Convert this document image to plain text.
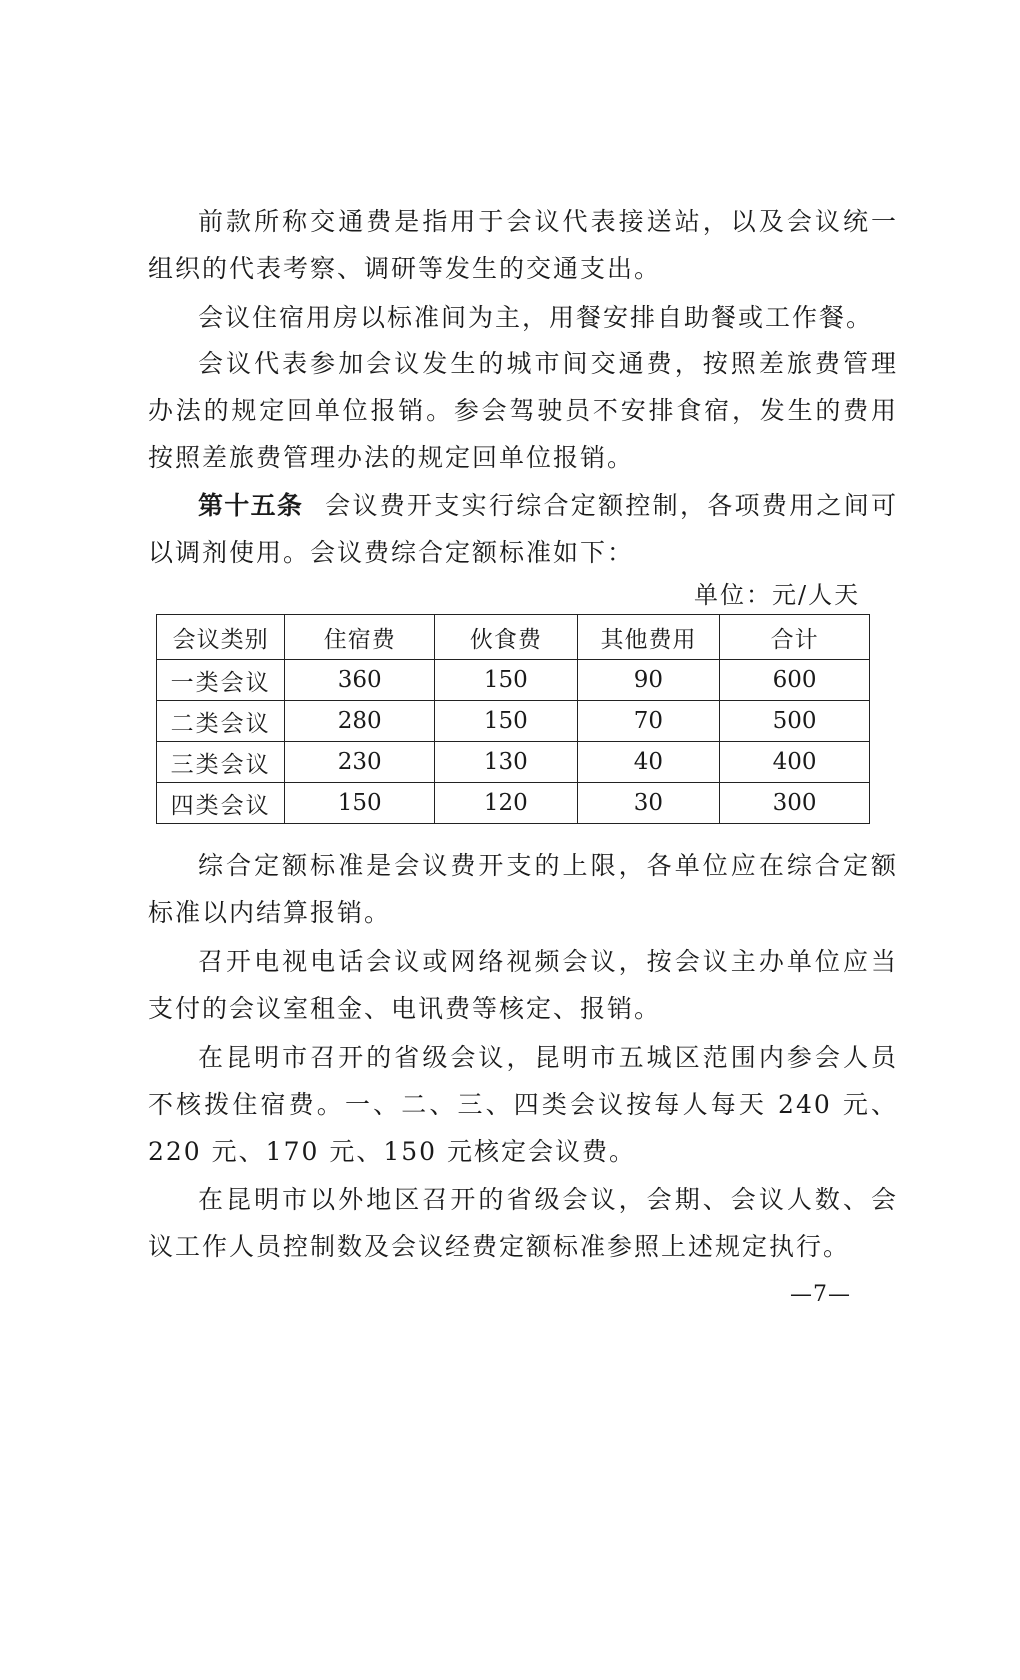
前款所称交通费是指用于会议代表接送站，以及会议统一组织的代表考察、调研等发生的交通支出。

会议住宿用房以标准间为主，用餐安排自助餐或工作餐。

会议代表参加会议发生的城市间交通费，按照差旅费管理办法的规定回单位报销。参会驾驶员不安排食宿，发生的费用按照差旅费管理办法的规定回单位报销。

第十五条 会议费开支实行综合定额控制，各项费用之间可以调剂使用。会议费综合定额标准如下：

单位：元/人天
会议类别	住宿费	伙食费	其他费用	合计
一类会议	360	150	90	600
二类会议	280	150	70	500
三类会议	230	130	40	400
四类会议	150	120	30	300

综合定额标准是会议费开支的上限，各单位应在综合定额标准以内结算报销。

召开电视电话会议或网络视频会议，按会议主办单位应当支付的会议室租金、电讯费等核定、报销。

在昆明市召开的省级会议，昆明市五城区范围内参会人员不核拨住宿费。一、二、三、四类会议按每人每天 240 元、220 元、170 元、150 元核定会议费。

在昆明市以外地区召开的省级会议，会期、会议人数、会议工作人员控制数及会议经费定额标准参照上述规定执行。

—7—
